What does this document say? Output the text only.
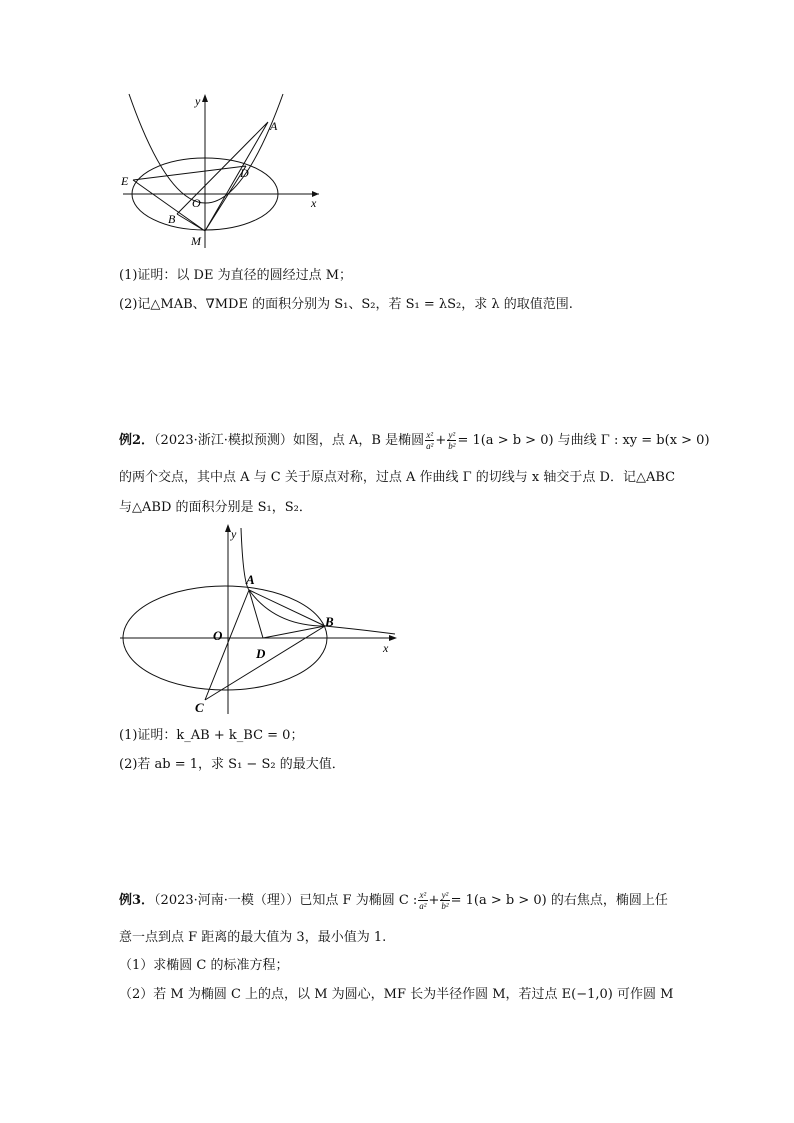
y
A
D
E
O
B
x
M
(1)证明：以 DE 为直径的圆经过点 M；
(2)记△MAB、∇MDE 的面积分别为 S₁、S₂，若 S₁ = λS₂，求 λ 的取值范围.
例2．（2023·浙江·模拟预测）如图，点 A，B 是椭圆 $\frac{\text{x²}}{\text{a²}} + \frac{\text{y²}}{\text{b²}} = 1(a > b > 0)$ 与曲线 Γ : xy = b(x > 0)
的两个交点，其中点 A 与 C 关于原点对称，过点 A 作曲线 Γ 的切线与 x 轴交于点 D．记△ABC
与△ABD 的面积分别是 S₁，S₂．
y
A
B
O
D	x
C
(1)证明：k_AB + k_BC = 0；
(2)若 ab = 1，求 S₁ − S₂ 的最大值．
例3．（2023·河南·一模（理））已知点 F 为椭圆 C : $\frac{\text{x²}}{\text{a²}} + \frac{\text{y²}}{\text{b²}} = 1(a > b > 0)$ 的右焦点，椭圆上任
意一点到点 F 距离的最大值为 3，最小值为 1.
（1）求椭圆 C 的标准方程；
（2）若 M 为椭圆 C 上的点，以 M 为圆心，MF 长为半径作圆 M，若过点 E(−1,0) 可作圆 M
